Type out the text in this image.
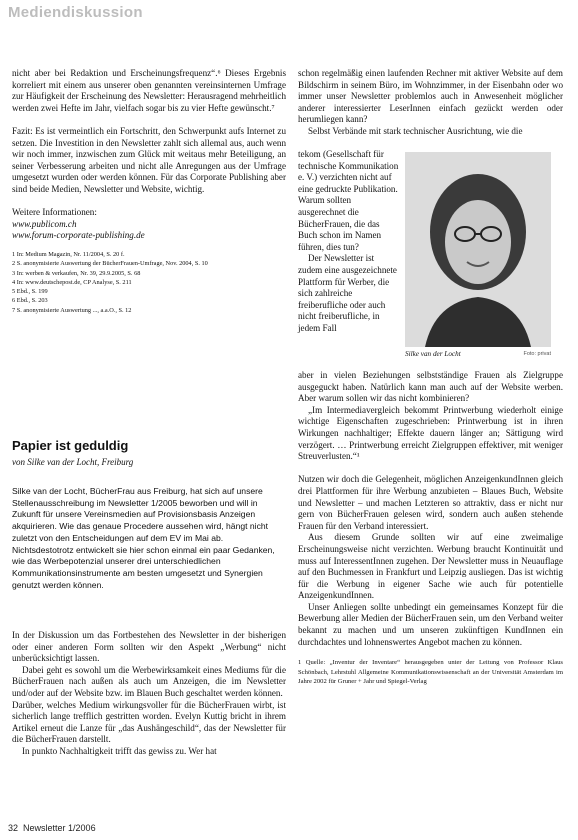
Mediendiskussion

nicht aber bei Redaktion und Erscheinungsfrequenz“.⁶ Dieses Ergebnis korreliert mit einem aus unserer oben genannten vereinsinternen Umfrage zur Häufigkeit der Erscheinung des Newsletter: Herausragend mehrheitlich werden zwei Hefte im Jahr, vielfach sogar bis zu vier Hefte gewünscht.⁷

Fazit: Es ist vermeintlich ein Fortschritt, den Schwerpunkt aufs Internet zu setzen. Die Investition in den Newsletter zahlt sich allemal aus, auch wenn wir noch immer, inzwischen zum Glück mit weitaus mehr Beteiligung, an seiner Verbesserung arbeiten und nicht alle Anregungen aus der Umfrage umgesetzt wurden oder werden können. Für das Corporate Publishing aber sind beide Medien, Newsletter und Website, wichtig.

Weitere Informationen:

www.publicom.ch

www.forum-corporate-publishing.de

1 In: Medium Magazin, Nr. 11/2004, S. 20 f.

2 S. anonymisierte Auswertung der BücherFrauen-Umfrage, Nov. 2004, S. 10

3 In: werben & verkaufen, Nr. 39, 29.9.2005, S. 68

4 In: www.deutschepost.de, CP Analyse, S. 211

5 Ebd., S. 199

6 Ebd., S. 203

7 S. anonymisierte Auswertung ..., a.a.O., S. 12

Papier ist geduldig
von Silke van der Locht, Freiburg

Silke van der Locht, BücherFrau aus Freiburg, hat sich auf unsere Stellenausschreibung im Newsletter 1/2005 beworben und will in Zukunft für unsere Vereinsmedien auf Provisionsbasis Anzeigen akquirieren. Wie das genaue Procedere aussehen wird, hängt nicht zuletzt von den Entscheidungen auf dem EV im Mai ab. Nichtsdestotrotz entwickelt sie hier schon einmal ein paar Gedanken, wie das Werbepotenzial unserer drei unterschiedlichen Kommunikationsinstrumente am besten umgesetzt und Synergien genutzt werden können.

In der Diskussion um das Fortbestehen des Newsletter in der bisherigen oder einer anderen Form sollten wir den Aspekt „Werbung“ nicht unberücksichtigt lassen.

Dabei geht es sowohl um die Werbewirksamkeit eines Mediums für die BücherFrauen nach außen als auch um Anzeigen, die im Newsletter und/oder auf der Website bzw. im Blauen Buch geschaltet werden können.

Darüber, welches Medium wirkungsvoller für die BücherFrauen wirbt, ist sicherlich lange trefflich gestritten worden. Evelyn Kuttig bricht in ihrem Artikel erneut die Lanze für „das Aushängeschild“, das der Newsletter für die BücherFrauen darstellt.

In punkto Nachhaltigkeit trifft das gewiss zu. Wer hat

schon regelmäßig einen laufenden Rechner mit aktiver Website auf dem Bildschirm in seinem Büro, im Wohnzimmer, in der Eisenbahn oder wo immer unser Newsletter problemlos auch in Anwesenheit möglicher anderer interessierter LeserInnen einfach gezückt werden oder herumliegen kann?

Selbst Verbände mit stark technischer Ausrichtung, wie die

tekom (Gesellschaft für technische Kommunikation e. V.) verzichten nicht auf eine gedruckte Publikation. Warum sollten ausgerechnet die BücherFrauen, die das Buch schon im Namen führen, dies tun?

Der Newsletter ist zudem eine ausgezeichnete Plattform für Werber, die sich zahlreiche freiberufliche oder auch nicht freiberufliche, in jedem Fall

Silke van der Locht	Foto: privat

aber in vielen Beziehungen selbstständige Frauen als Zielgruppe ausgeguckt haben. Natürlich kann man auch auf der Website werben. Aber warum sollen wir das nicht kombinieren?

„Im Intermediavergleich bekommt Printwerbung wiederholt einige wichtige Eigenschaften zugeschrieben: Printwerbung ist in ihren Wirkungen nachhaltiger; Effekte dauern länger an; Sättigung wird verzögert. … Printwerbung erreicht Zielgruppen effektiver, mit weniger Streuverlusten.“¹

Nutzen wir doch die Gelegenheit, möglichen AnzeigenkundInnen gleich drei Plattformen für ihre Werbung anzubieten – Blaues Buch, Website und Newsletter – und machen Letzteren so attraktiv, dass er nicht nur gern von BücherFrauen gelesen wird, sondern auch außen stehende Frauen für den Verband interessiert.

Aus diesem Grunde sollten wir auf eine zweimalige Erscheinungsweise nicht verzichten. Werbung braucht Kontinuität und muss auf InteressentInnen zugehen. Der Newsletter muss in Neuauflage auf den Buchmessen in Frankfurt und Leipzig ausliegen. Das ist wichtig für die Werbung in eigener Sache wie auch für potentielle AnzeigenkundInnen.

Unser Anliegen sollte unbedingt ein gemeinsames Konzept für die Bewerbung aller Medien der BücherFrauen sein, um den Verband weiter bekannt zu machen und um unseren zukünftigen KundInnen ein durchdachtes und lohnenswertes Angebot machen zu können.

1 Quelle: „Inventur der Inventare“ herausgegeben unter der Leitung von Professor Klaus Schönbach, Lehrstuhl Allgemeine Kommunikationswissenschaft an der Universität Amsterdam im Jahre 2002 für Gruner + Jahr und Spiegel-Verlag

32 Newsletter 1/2006
